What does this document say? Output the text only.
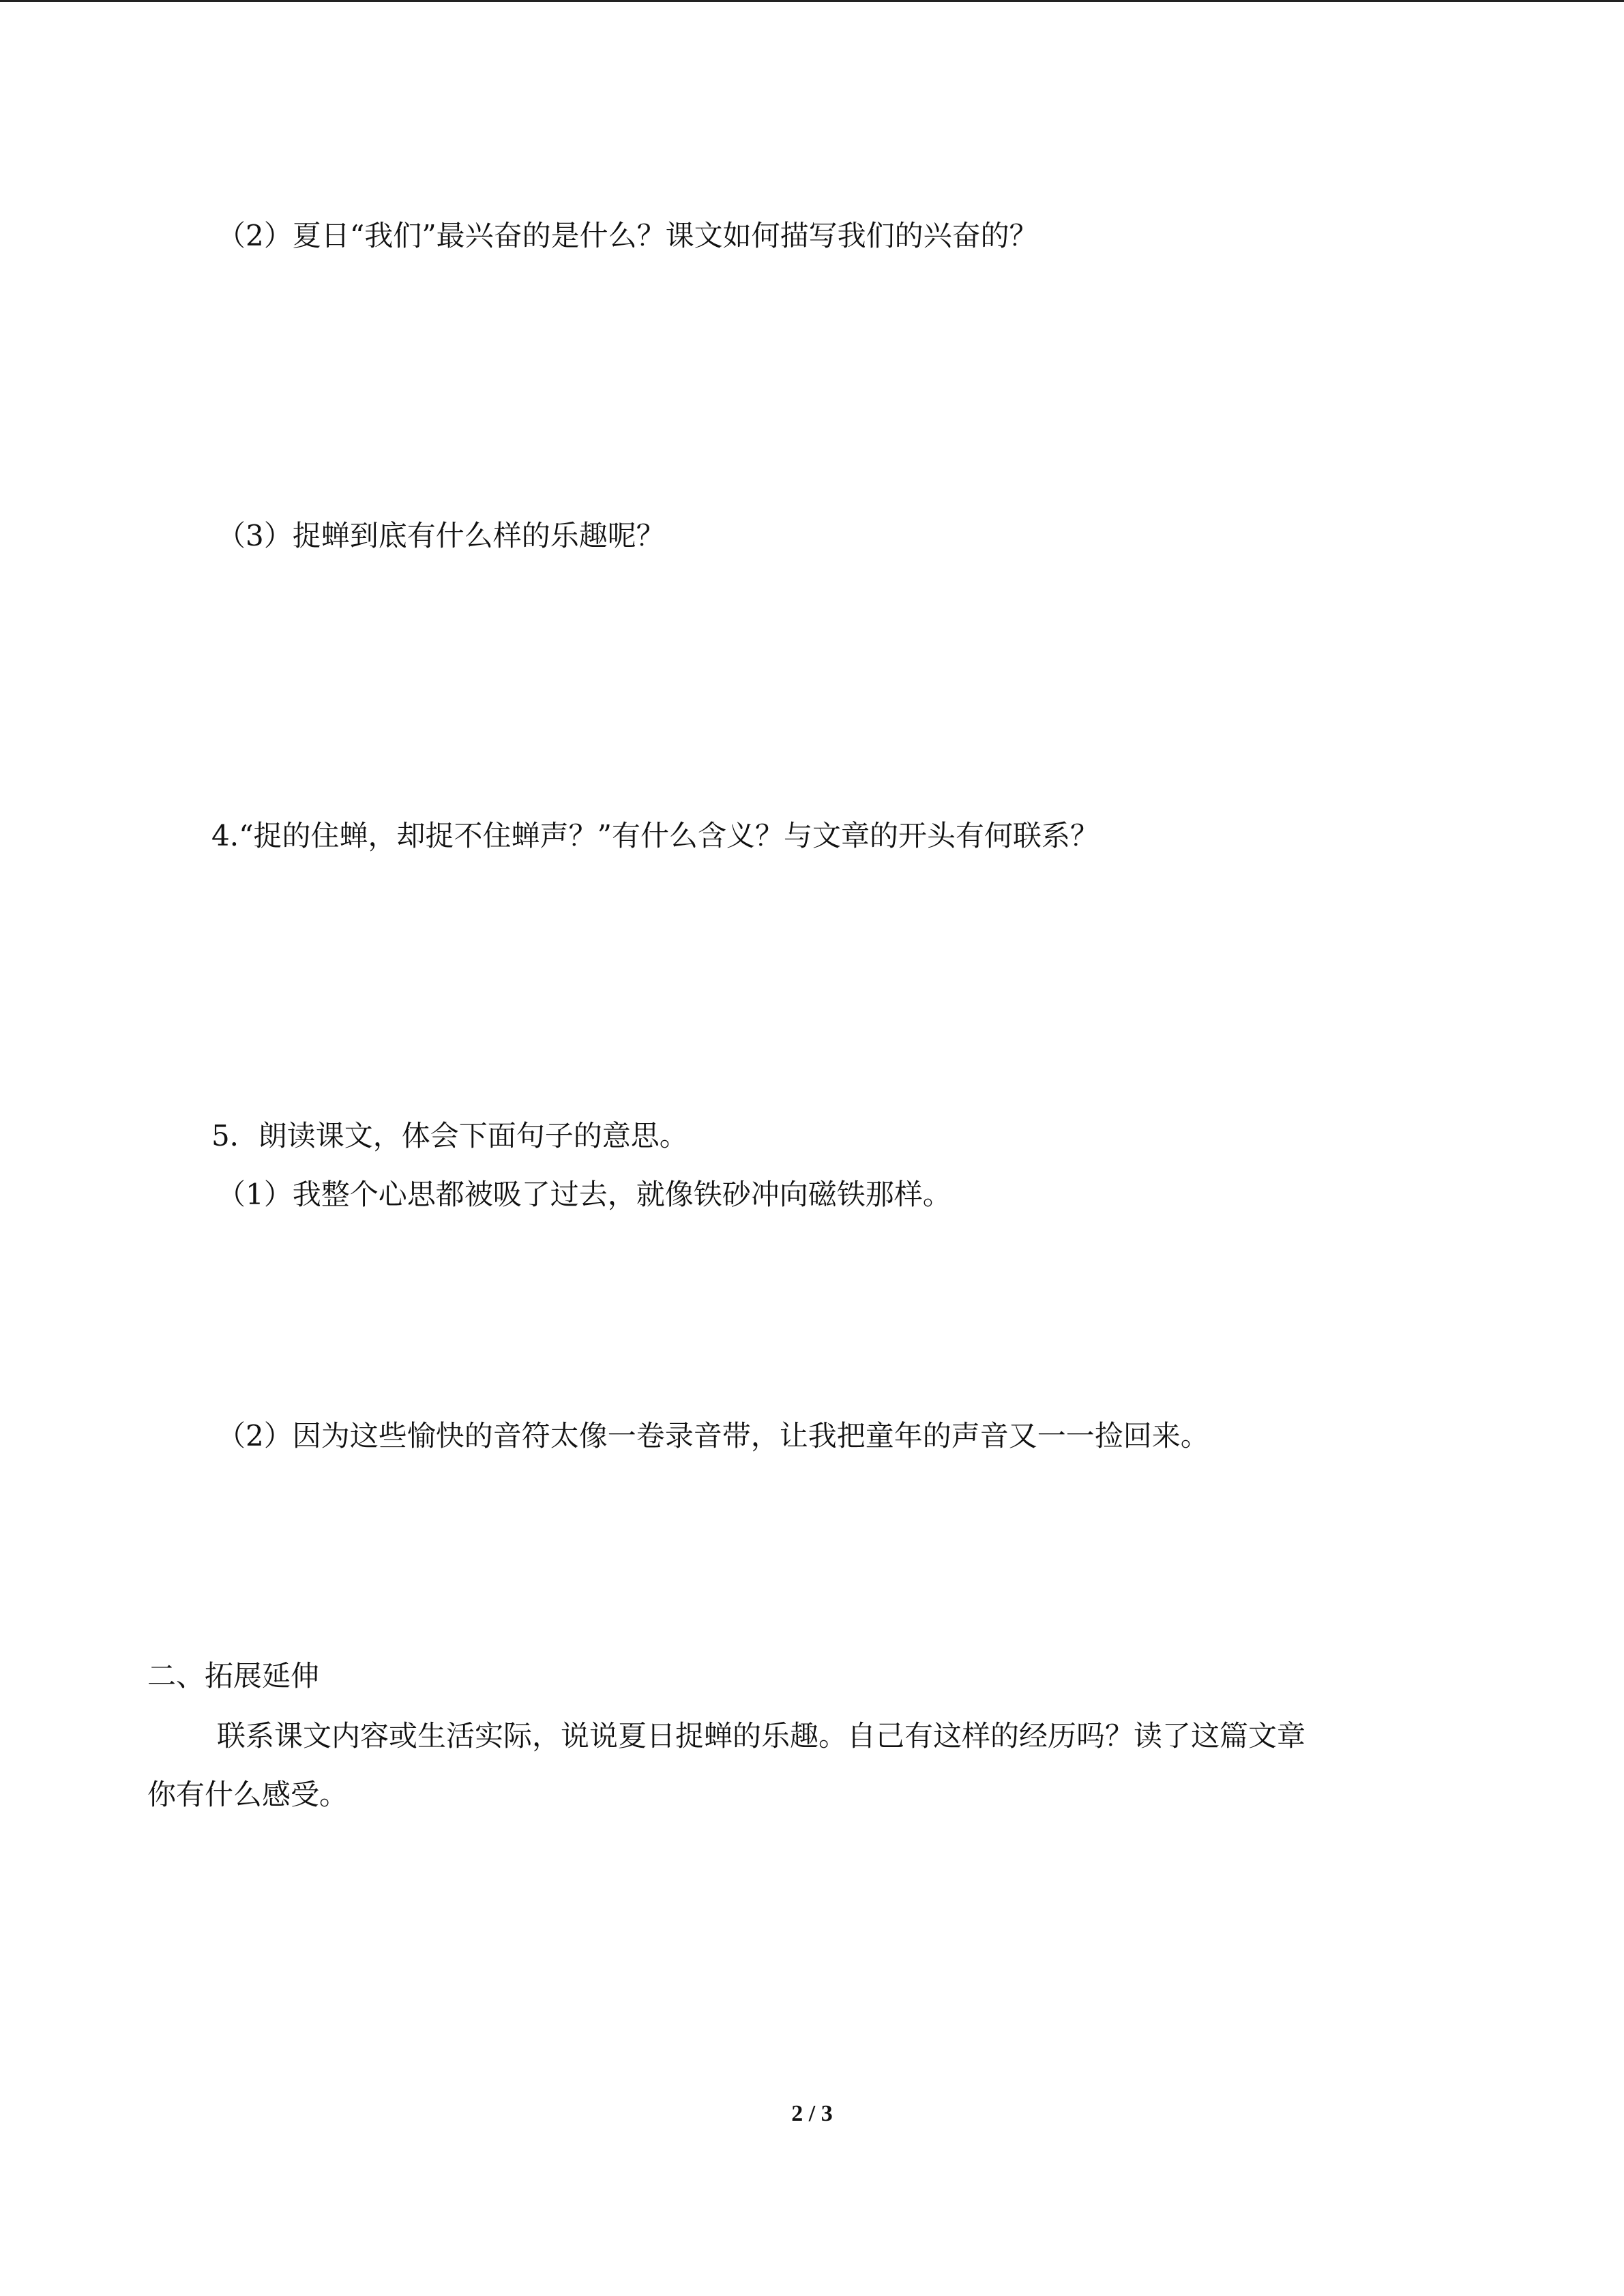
（2）夏日“我们”最兴奋的是什么？课文如何描写我们的兴奋的？
（3）捉蝉到底有什么样的乐趣呢？
4.“捉的住蝉，却捉不住蝉声？”有什么含义？与文章的开头有何联系？
5．朗读课文，体会下面句子的意思。
（1）我整个心思都被吸了过去，就像铁砂冲向磁铁那样。
（2）因为这些愉快的音符太像一卷录音带，让我把童年的声音又一一捡回来。
二、拓展延伸
联系课文内容或生活实际，说说夏日捉蝉的乐趣。自己有这样的经历吗？读了这篇文章
你有什么感受。
2 / 3
